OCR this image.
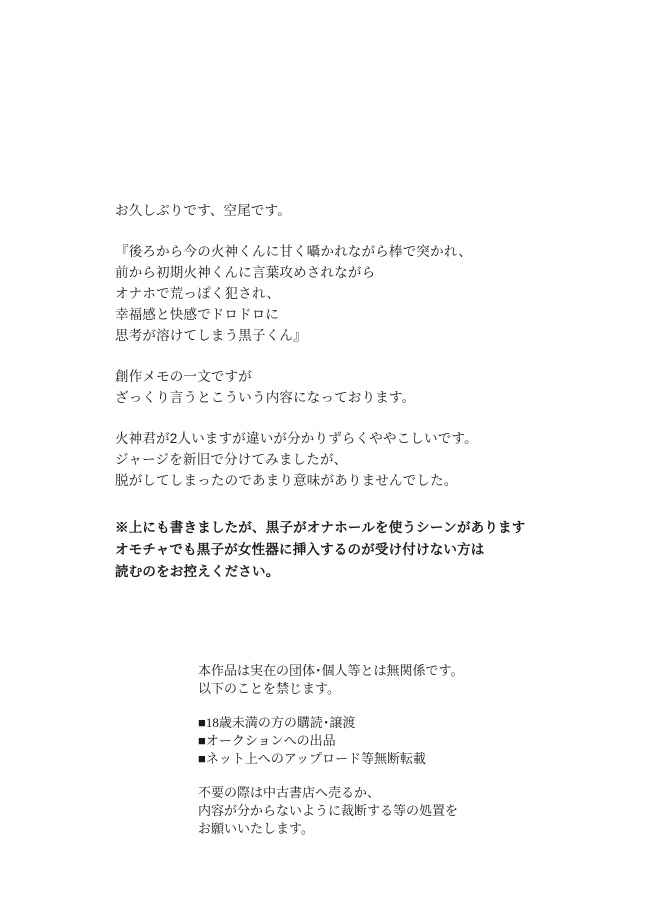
お久しぶりです、空尾です。

『後ろから今の火神くんに甘く囁かれながら棒で突かれ、
前から初期火神くんに言葉攻めされながら
オナホで荒っぽく犯され、
幸福感と快感でドロドロに
思考が溶けてしまう黒子くん』

創作メモの一文ですが
ざっくり言うとこういう内容になっております。

火神君が2人いますが違いが分かりずらくややこしいです。
ジャージを新旧で分けてみましたが、
脱がしてしまったのであまり意味がありませんでした。

※上にも書きましたが、黒子がオナホールを使うシーンがあります
オモチャでも黒子が女性器に挿入するのが受け付けない方は
読むのをお控えください。

本作品は実在の団体･個人等とは無関係です。
以下のことを禁じます。
■18歳未満の方の購読･譲渡
■オークションへの出品
■ネット上へのアップロード等無断転載
不要の際は中古書店へ売るか、
内容が分からないように裁断する等の処置を
お願いいたします。
